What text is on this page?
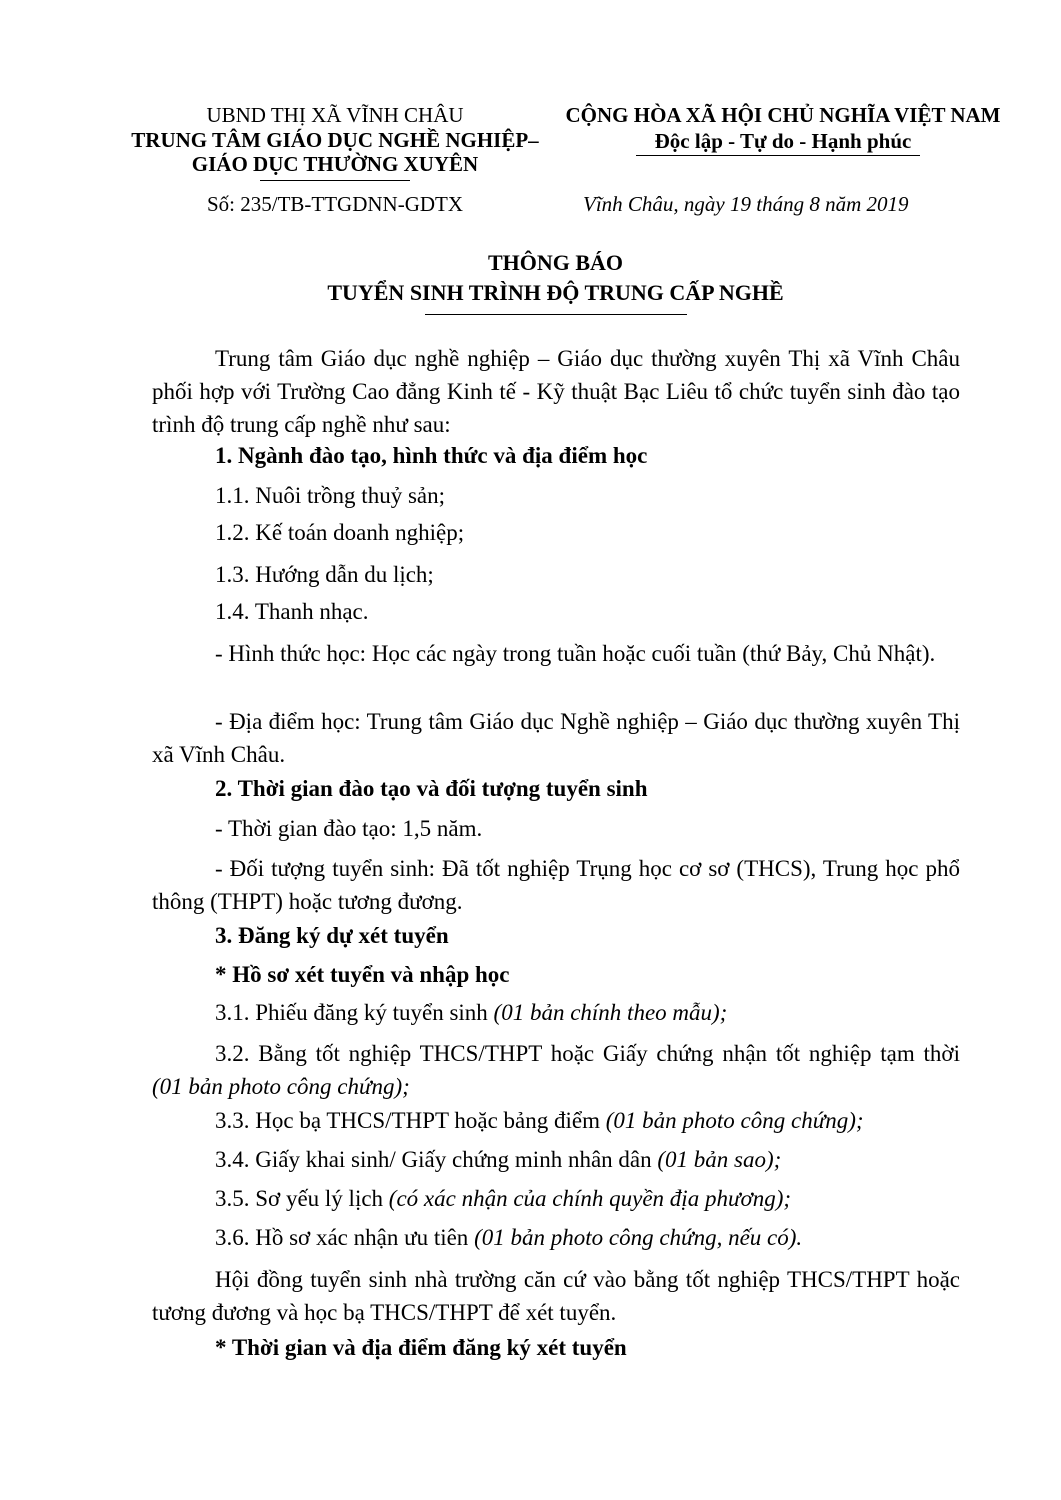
UBND THỊ XÃ VĨNH CHÂU
TRUNG TÂM GIÁO DỤC NGHỀ NGHIỆP–
GIÁO DỤC THƯỜNG XUYÊN
CỘNG HÒA XÃ HỘI CHỦ NGHĨA VIỆT NAM
Độc lập - Tự do - Hạnh phúc
Số: 235/TB-TTGDNN-GDTX	Vĩnh Châu, ngày 19 tháng 8 năm 2019
THÔNG BÁO
TUYỂN SINH TRÌNH ĐỘ TRUNG CẤP NGHỀ
Trung tâm Giáo dục nghề nghiệp – Giáo dục thường xuyên Thị xã Vĩnh Châu phối hợp với Trường Cao đẳng Kinh tế - Kỹ thuật Bạc Liêu tổ chức tuyển sinh đào tạo trình độ trung cấp nghề như sau:
1. Ngành đào tạo, hình thức và địa điểm học
1.1. Nuôi trồng thuỷ sản;
1.2. Kế toán doanh nghiệp;
1.3. Hướng dẫn du lịch;
1.4. Thanh nhạc.
- Hình thức học: Học các ngày trong tuần hoặc cuối tuần (thứ Bảy, Chủ Nhật).
- Địa điểm học: Trung tâm Giáo dục Nghề nghiệp – Giáo dục thường xuyên Thị xã Vĩnh Châu.
2. Thời gian đào tạo và đối tượng tuyển sinh
- Thời gian đào tạo: 1,5 năm.
- Đối tượng tuyển sinh: Đã tốt nghiệp Trụng học cơ sơ (THCS), Trung học phổ thông (THPT) hoặc tương đương.
3. Đăng ký dự xét tuyển
* Hồ sơ xét tuyển và nhập học
3.1. Phiếu đăng ký tuyển sinh (01 bản chính theo mẫu);
3.2. Bằng tốt nghiệp THCS/THPT hoặc Giấy chứng nhận tốt nghiệp tạm thời (01 bản photo công chứng);
3.3. Học bạ THCS/THPT hoặc bảng điểm (01 bản photo công chứng);
3.4. Giấy khai sinh/ Giấy chứng minh nhân dân (01 bản sao);
3.5. Sơ yếu lý lịch (có xác nhận của chính quyền địa phương);
3.6. Hồ sơ xác nhận ưu tiên (01 bản photo công chứng, nếu có).
Hội đồng tuyển sinh nhà trường căn cứ vào bằng tốt nghiệp THCS/THPT hoặc tương đương và học bạ THCS/THPT để xét tuyển.
* Thời gian và địa điểm đăng ký xét tuyển
